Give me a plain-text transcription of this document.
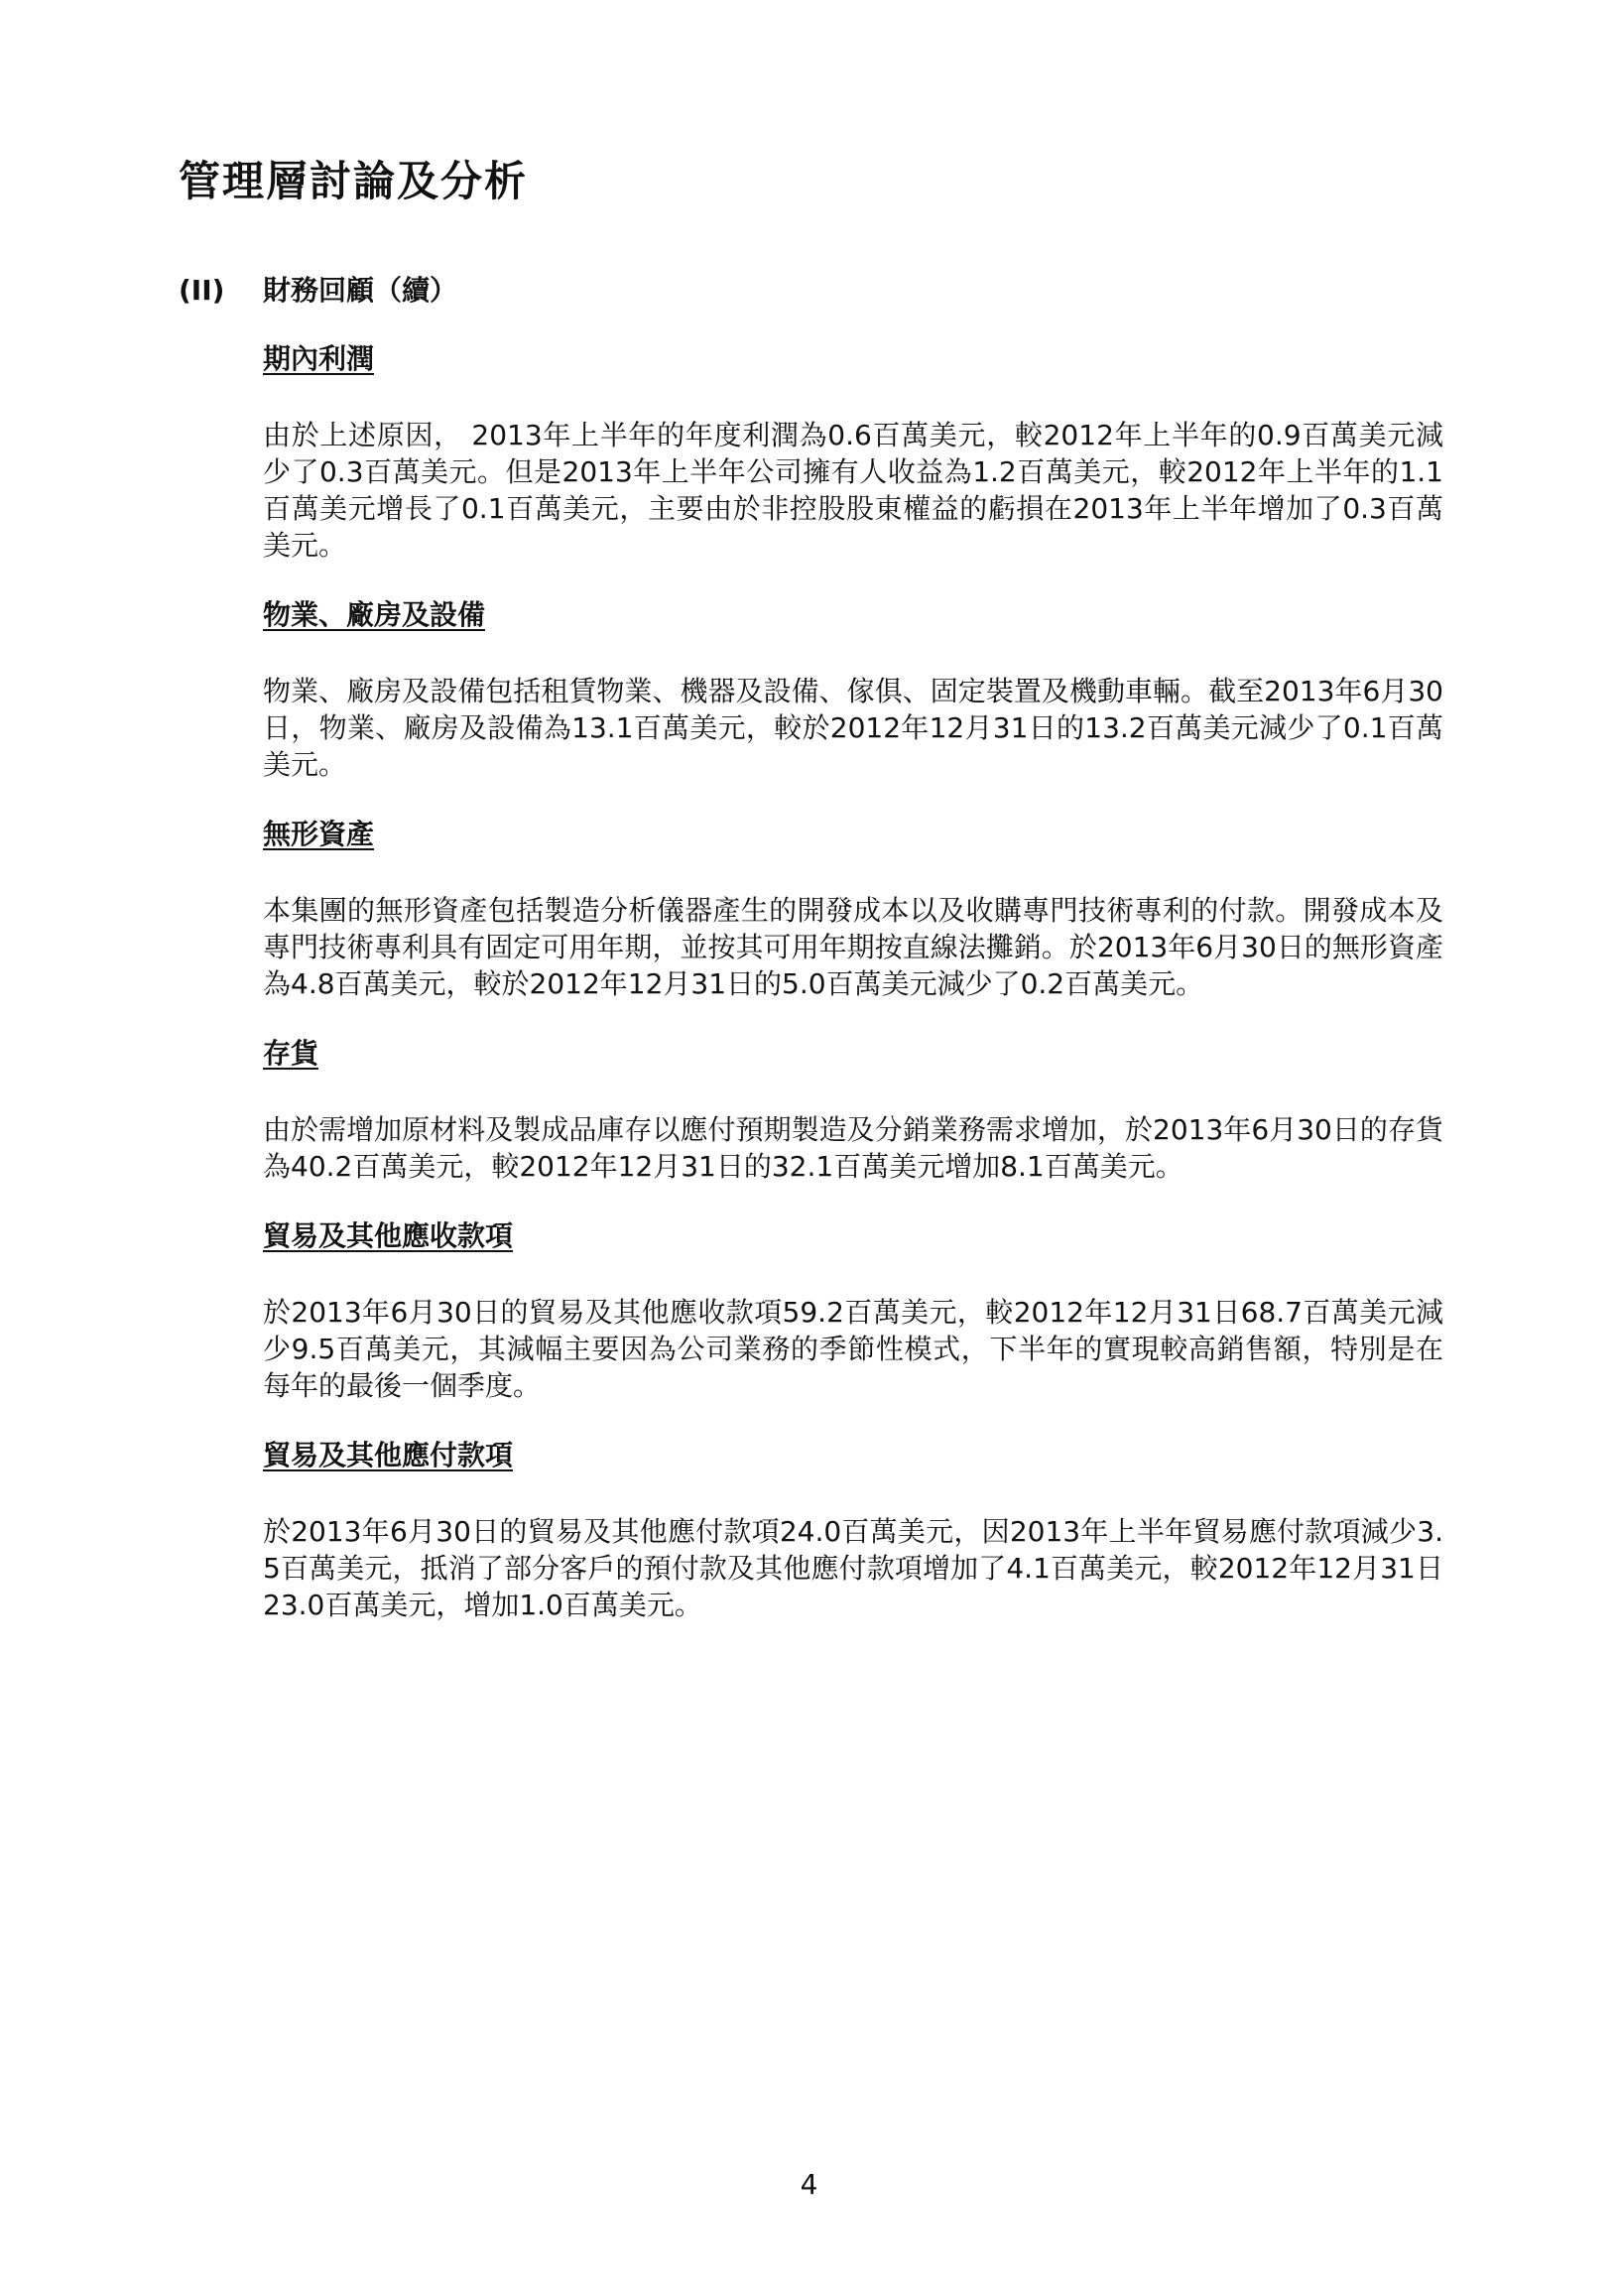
管理層討論及分析
(II) 財務回顧（續）
期內利潤

由於上述原因， 2013年上半年的年度利潤為0.6百萬美元，較2012年上半年的0.9百萬美元減少了0.3百萬美元。但是2013年上半年公司擁有人收益為1.2百萬美元，較2012年上半年的1.1百萬美元增長了0.1百萬美元，主要由於非控股股東權益的虧損在2013年上半年增加了0.3百萬美元。

物業、廠房及設備

物業、廠房及設備包括租賃物業、機器及設備、傢俱、固定裝置及機動車輛。截至2013年6月30日，物業、廠房及設備為13.1百萬美元，較於2012年12月31日的13.2百萬美元減少了0.1百萬美元。

無形資產

本集團的無形資產包括製造分析儀器產生的開發成本以及收購專門技術專利的付款。開發成本及專門技術專利具有固定可用年期，並按其可用年期按直線法攤銷。於2013年6月30日的無形資產為4.8百萬美元，較於2012年12月31日的5.0百萬美元減少了0.2百萬美元。

存貨

由於需增加原材料及製成品庫存以應付預期製造及分銷業務需求增加，於2013年6月30日的存貨為40.2百萬美元，較2012年12月31日的32.1百萬美元增加8.1百萬美元。

貿易及其他應收款項

於2013年6月30日的貿易及其他應收款項59.2百萬美元，較2012年12月31日68.7百萬美元減少9.5百萬美元，其減幅主要因為公司業務的季節性模式，下半年的實現較高銷售額，特別是在每年的最後一個季度。

貿易及其他應付款項

於2013年6月30日的貿易及其他應付款項24.0百萬美元，因2013年上半年貿易應付款項減少3.5百萬美元，抵消了部分客戶的預付款及其他應付款項增加了4.1百萬美元，較2012年12月31日23.0百萬美元，增加1.0百萬美元。

4
